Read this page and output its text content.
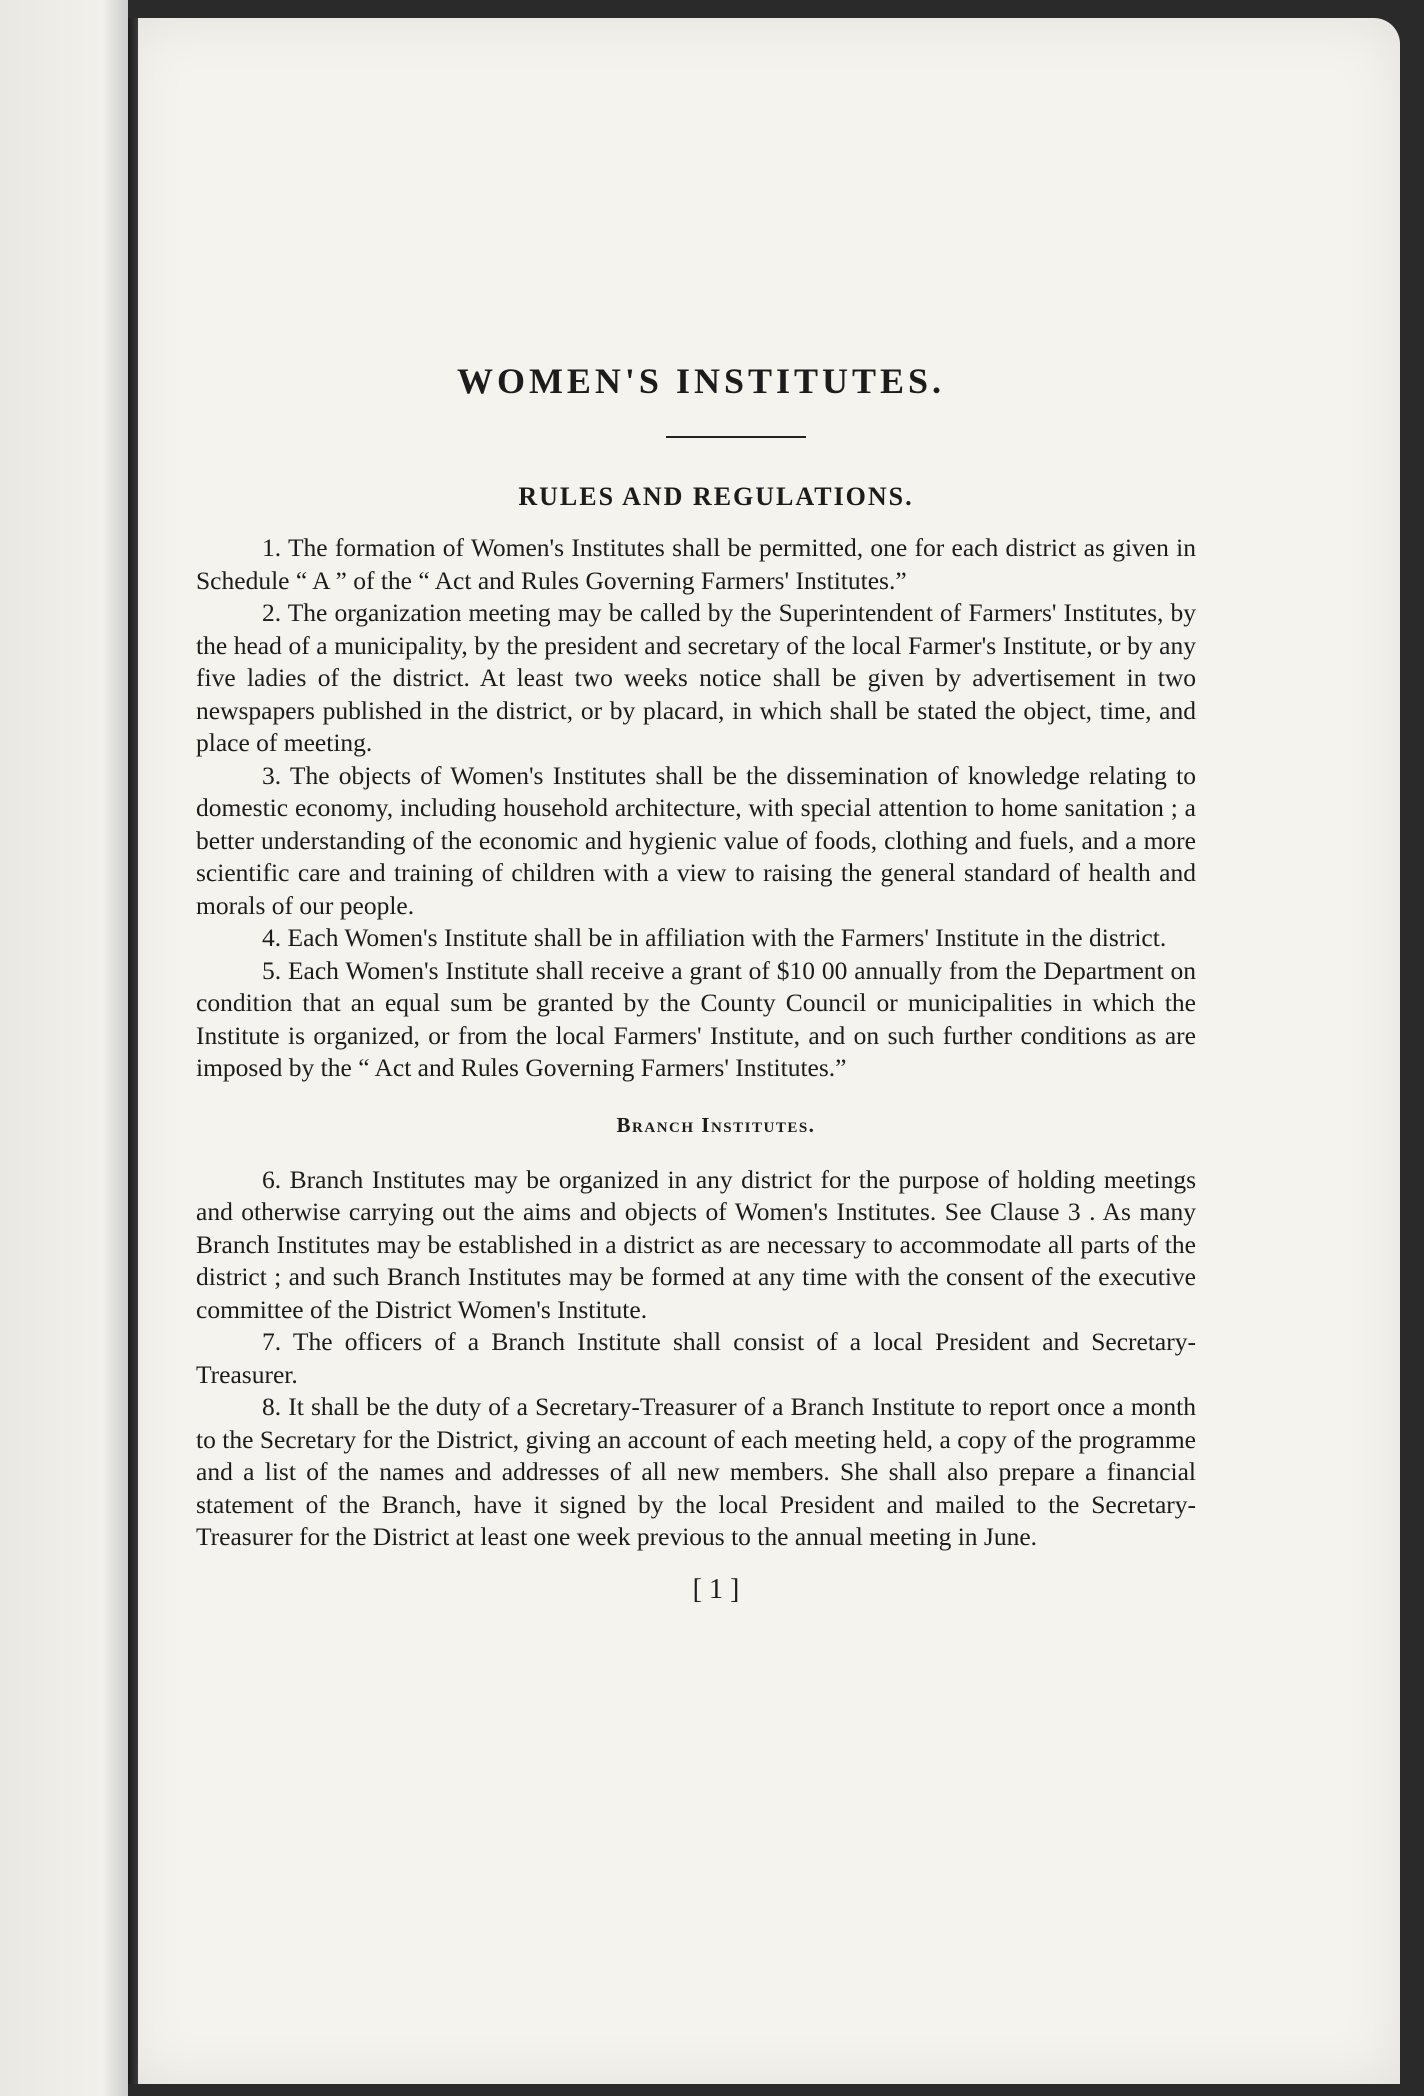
WOMEN'S INSTITUTES.
RULES AND REGULATIONS.

1. The formation of Women's Institutes shall be permitted, one for each district as given in Schedule “ A ” of the “ Act and Rules Governing Farmers' Institutes.”

2. The organization meeting may be called by the Superintendent of Farmers' Institutes, by the head of a municipality, by the president and secretary of the local Farmer's Institute, or by any five ladies of the district. At least two weeks notice shall be given by advertisement in two newspapers published in the district, or by placard, in which shall be stated the object, time, and place of meeting.

3. The objects of Women's Institutes shall be the dissemination of knowledge relating to domestic economy, including household architecture, with special attention to home sanitation ; a better understanding of the economic and hygienic value of foods, clothing and fuels, and a more scientific care and training of children with a view to raising the general standard of health and morals of our people.

4. Each Women's Institute shall be in affiliation with the Farmers' Institute in the district.

5. Each Women's Institute shall receive a grant of $10 00 annually from the Department on condition that an equal sum be granted by the County Council or municipalities in which the Institute is organized, or from the local Farmers' Institute, and on such further conditions as are imposed by the “ Act and Rules Governing Farmers' Institutes.”

Branch Institutes.

6. Branch Institutes may be organized in any district for the purpose of holding meetings and otherwise carrying out the aims and objects of Women's Institutes. See Clause 3 . As many Branch Institutes may be established in a district as are necessary to accommodate all parts of the district ; and such Branch Institutes may be formed at any time with the consent of the executive committee of the District Women's Institute.

7. The officers of a Branch Institute shall consist of a local President and Secretary-Treasurer.

8. It shall be the duty of a Secretary-Treasurer of a Branch Institute to report once a month to the Secretary for the District, giving an account of each meeting held, a copy of the programme and a list of the names and addresses of all new members. She shall also prepare a financial statement of the Branch, have it signed by the local President and mailed to the Secretary-Treasurer for the District at least one week previous to the annual meeting in June.

[ 1 ]
